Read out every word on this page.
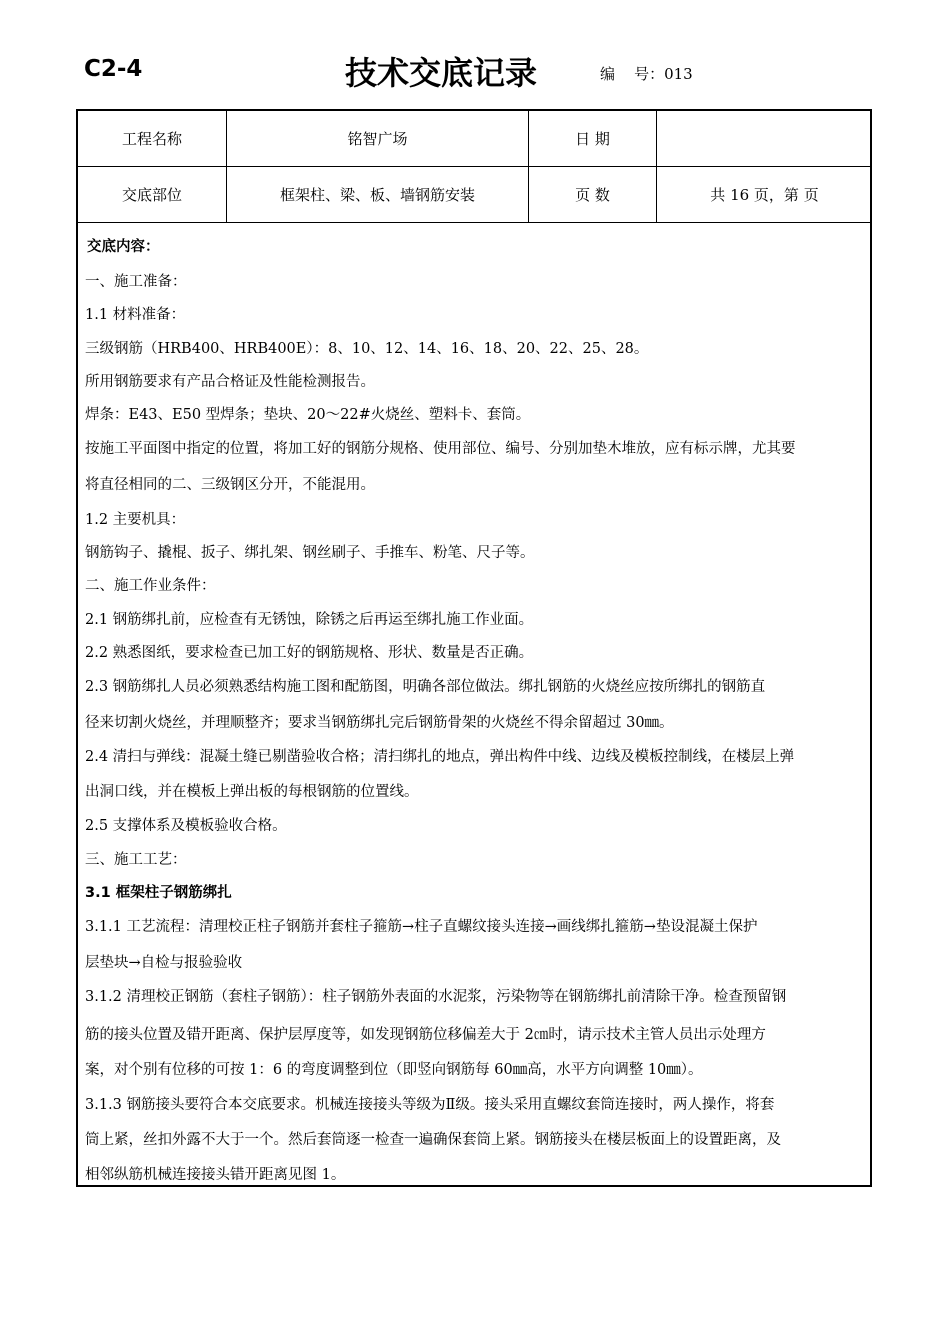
C2-4	技术交底记录	编    号：013
工程名称	铭智广场	日 期
交底部位	框架柱、梁、板、墙钢筋安装	页 数	共 16 页，第 页
交底内容：
一、施工准备：
1.1 材料准备：
三级钢筋（HRB400、HRB400E）：8、10、12、14、16、18、20、22、25、28。
所用钢筋要求有产品合格证及性能检测报告。
焊条：E43、E50 型焊条；垫块、20～22#火烧丝、塑料卡、套筒。
按施工平面图中指定的位置，将加工好的钢筋分规格、使用部位、编号、分别加垫木堆放，应有标示牌，尤其要
将直径相同的二、三级钢区分开，不能混用。
1.2 主要机具：
钢筋钩子、撬棍、扳子、绑扎架、钢丝刷子、手推车、粉笔、尺子等。
二、施工作业条件：
2.1 钢筋绑扎前，应检查有无锈蚀，除锈之后再运至绑扎施工作业面。
2.2 熟悉图纸，要求检查已加工好的钢筋规格、形状、数量是否正确。
2.3 钢筋绑扎人员必须熟悉结构施工图和配筋图，明确各部位做法。绑扎钢筋的火烧丝应按所绑扎的钢筋直
径来切割火烧丝，并理顺整齐；要求当钢筋绑扎完后钢筋骨架的火烧丝不得余留超过 30㎜。
2.4 清扫与弹线：混凝土缝已剔凿验收合格；清扫绑扎的地点，弹出构件中线、边线及模板控制线，在楼层上弹
出洞口线，并在模板上弹出板的每根钢筋的位置线。
2.5 支撑体系及模板验收合格。
三、施工工艺：
3.1 框架柱子钢筋绑扎
3.1.1 工艺流程：清理校正柱子钢筋并套柱子箍筋→柱子直螺纹接头连接→画线绑扎箍筋→垫设混凝土保护
层垫块→自检与报验验收
3.1.2 清理校正钢筋（套柱子钢筋）：柱子钢筋外表面的水泥浆，污染物等在钢筋绑扎前清除干净。检查预留钢
筋的接头位置及错开距离、保护层厚度等，如发现钢筋位移偏差大于 2㎝时，请示技术主管人员出示处理方
案，对个别有位移的可按 1：6 的弯度调整到位（即竖向钢筋每 60㎜高，水平方向调整 10㎜）。
3.1.3 钢筋接头要符合本交底要求。机械连接接头等级为Ⅱ级。接头采用直螺纹套筒连接时，两人操作，将套
筒上紧，丝扣外露不大于一个。然后套筒逐一检查一遍确保套筒上紧。钢筋接头在楼层板面上的设置距离，及
相邻纵筋机械连接接头错开距离见图 1。
